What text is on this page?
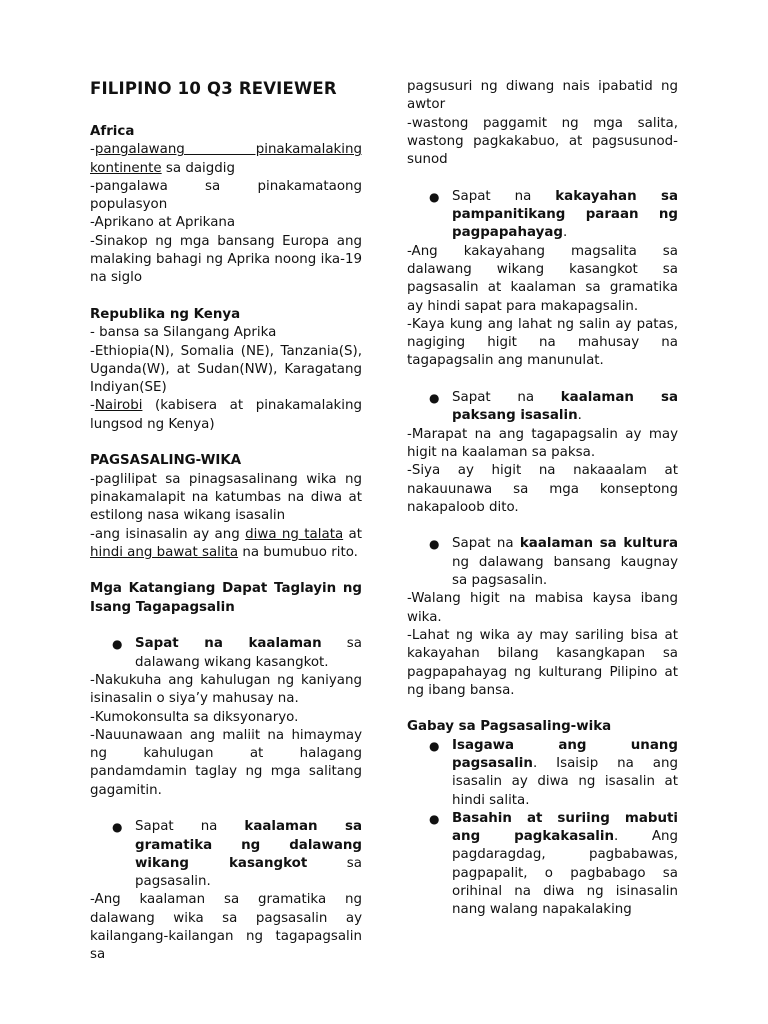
FILIPINO 10 Q3 REVIEWER

Africa

-pangalawang pinakamalaking kontinente sa daigdig

-pangalawa sa pinakamataong populasyon

-Aprikano at Aprikana

-Sinakop ng mga bansang Europa ang malaking bahagi ng Aprika noong ika-19 na siglo

Republika ng Kenya

- bansa sa Silangang Aprika

-Ethiopia(N), Somalia (NE), Tanzania(S), Uganda(W), at Sudan(NW), Karagatang Indiyan(SE)

-Nairobi (kabisera at pinakamalaking lungsod ng Kenya)

PAGSASALING-WIKA

-paglilipat sa pinagsasalinang wika ng pinakamalapit na katumbas na diwa at estilong nasa wikang isasalin

-ang isinasalin ay ang diwa ng talata at hindi ang bawat salita na bumubuo rito.

Mga Katangiang Dapat Taglayin ng Isang Tagapagsalin

● Sapat na kaalaman sa dalawang wikang kasangkot.

-Nakukuha ang kahulugan ng kaniyang isinasalin o siya’y mahusay na.

-Kumokonsulta sa diksyonaryo.

-Nauunawaan ang maliit na himaymay ng kahulugan at halagang pandamdamin taglay ng mga salitang gagamitin.

● Sapat na kaalaman sa gramatika ng dalawang wikang kasangkot sa pagsasalin.

-Ang kaalaman sa gramatika ng dalawang wika sa pagsasalin ay kailangang-kailangan ng tagapagsalin sa

pagsusuri ng diwang nais ipabatid ng awtor

-wastong paggamit ng mga salita, wastong pagkakabuo, at pagsusunod-sunod

● Sapat na kakayahan sa pampanitikang paraan ng pagpapahayag.

-Ang kakayahang magsalita sa dalawang wikang kasangkot sa pagsasalin at kaalaman sa gramatika ay hindi sapat para makapagsalin.

-Kaya kung ang lahat ng salin ay patas, nagiging higit na mahusay na tagapagsalin ang manunulat.

● Sapat na kaalaman sa paksang isasalin.

-Marapat na ang tagapagsalin ay may higit na kaalaman sa paksa.

-Siya ay higit na nakaaalam at nakauunawa sa mga konseptong nakapaloob dito.

● Sapat na kaalaman sa kultura ng dalawang bansang kaugnay sa pagsasalin.

-Walang higit na mabisa kaysa ibang wika.

-Lahat ng wika ay may sariling bisa at kakayahan bilang kasangkapan sa pagpapahayag ng kulturang Pilipino at ng ibang bansa.

Gabay sa Pagsasaling-wika

● Isagawa ang unang pagsasalin. Isaisip na ang isasalin ay diwa ng isasalin at hindi salita.
● Basahin at suriing mabuti ang pagkakasalin. Ang pagdaragdag, pagbabawas, pagpapalit, o pagbabago sa orihinal na diwa ng isinasalin nang walang napakalaking
